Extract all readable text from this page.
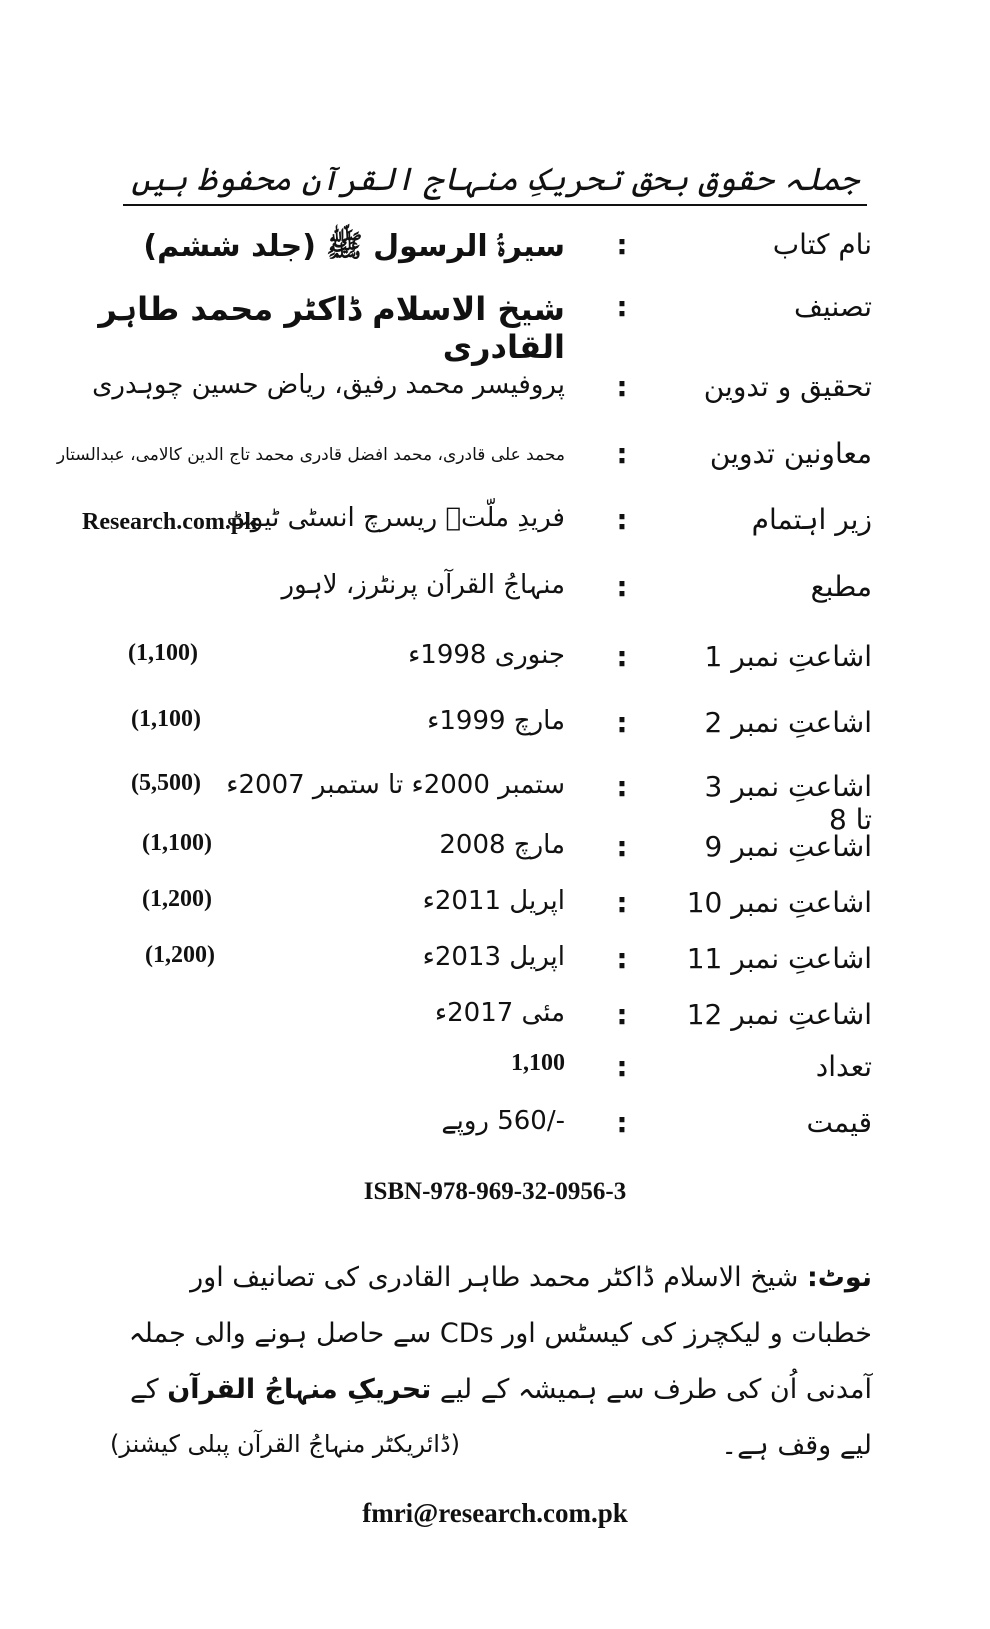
جملہ حقوق بحق تحریکِ منہاج القرآن محفوظ ہیں
نام کتاب
:
سیرۃُ الرسول ﷺ (جلد ششم)
تصنیف
:
شیخ الاسلام ڈاکٹر محمد طاہر القادری
تحقیق و تدوین
:
پروفیسر محمد رفیق، ریاض حسین چوہدری
معاونین تدوین
:
محمد علی قادری، محمد افضل قادری محمد تاج الدین کالامی، عبدالستار
زیر اہتمام
:
فریدِ ملّتؒ ریسرچ انسٹی ٹیوٹ
Research.com.pk
مطبع
:
منہاجُ القرآن پرنٹرز، لاہور
اشاعتِ نمبر 1
:
جنوری 1998ء
(1,100)
اشاعتِ نمبر 2
:
مارچ 1999ء
(1,100)
اشاعتِ نمبر 3 تا 8
:
ستمبر 2000ء تا ستمبر 2007ء
(5,500)
اشاعتِ نمبر 9
:
مارچ 2008
(1,100)
اشاعتِ نمبر 10
:
اپریل 2011ء
(1,200)
اشاعتِ نمبر 11
:
اپریل 2013ء
(1,200)
اشاعتِ نمبر 12
:
مئی 2017ء
تعداد
:
1,100
قیمت
:
-/560 روپے
ISBN-978-969-32-0956-3
نوٹ: شیخ الاسلام ڈاکٹر محمد طاہر القادری کی تصانیف اور خطبات و لیکچرز کی کیسٹس اور CDs سے حاصل ہونے والی جملہ آمدنی اُن کی طرف سے ہمیشہ کے لیے تحریکِ منہاجُ القرآن کے لیے وقف ہے۔
(ڈائریکٹر منہاجُ القرآن پبلی کیشنز)
fmri@research.com.pk
